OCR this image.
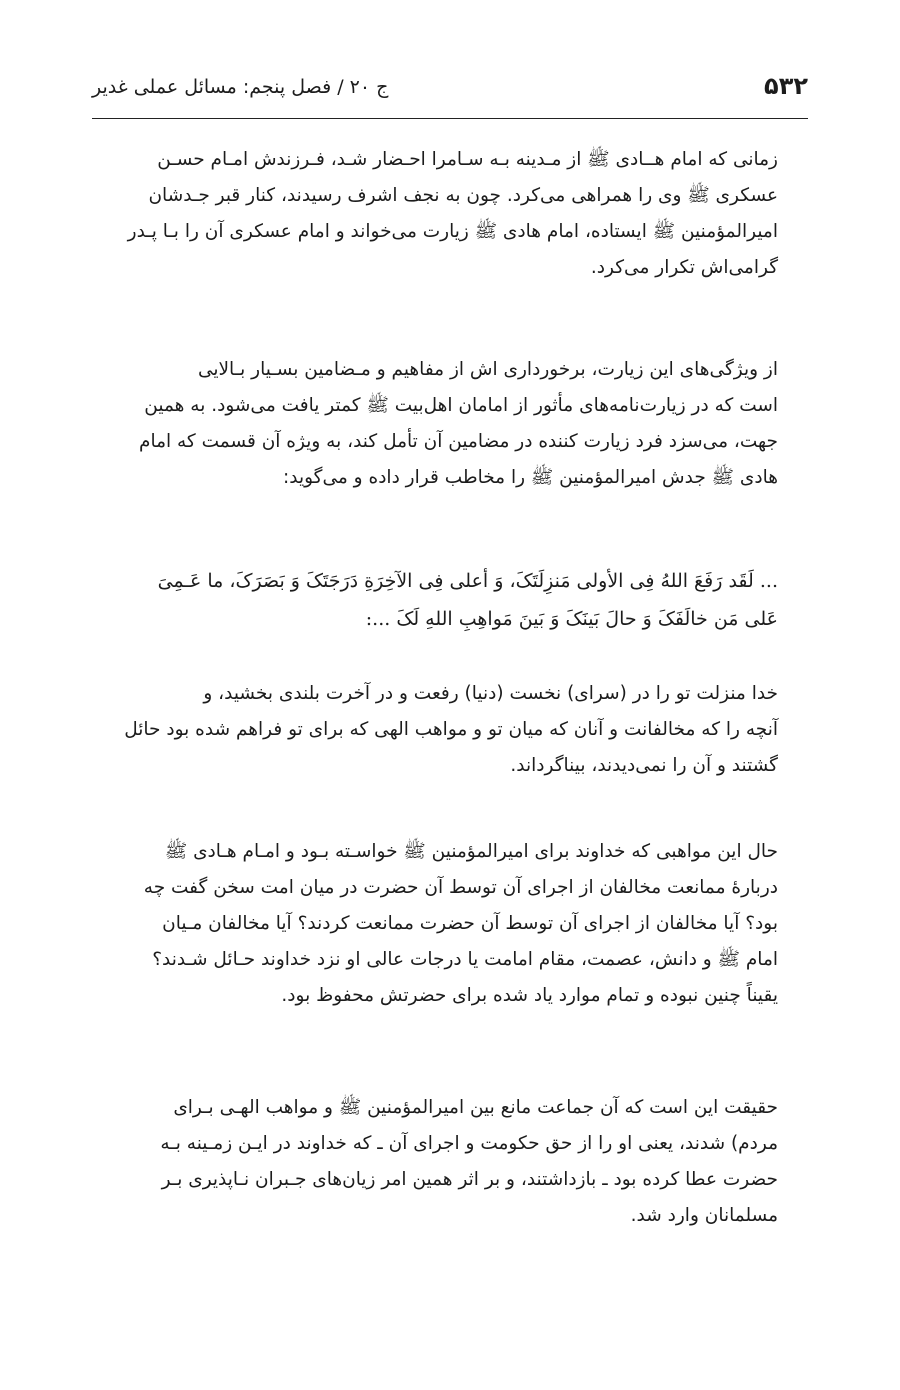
۵۳۲
ج ۲۰ / فصل پنجم: مسائل عملی غدیر
زمانی که امام هــادی ﷺ از مـدینه بـه سـامرا احـضار شـد، فـرزندش امـام حسـن
عسکری ﷺ وی را همراهی می‌کرد. چون به نجف اشرف رسیدند، کنار قبر جـدشان
امیرالمؤمنین ﷺ ایستاده، امام هادی ﷺ زیارت می‌خواند و امام عسکری آن را بـا پـدر
گرامی‌اش تکرار می‌کرد.
از ویژگی‌های این زیارت، برخورداری اش از مفاهیم و مـضامین بسـیار بـالایی
است که در زیارت‌نامه‌های مأثور از امامان اهل‌بیت ﷺ کمتر یافت می‌شود. به همین
جهت، می‌سزد فرد زیارت کننده در مضامین آن تأمل کند، به ویژه آن قسمت که امام
هادی ﷺ جدش امیرالمؤمنین ﷺ را مخاطب قرار داده و می‌گوید:
... لَقَد رَفَعَ اللهُ فِی الأولی مَنزِلَتَکَ، وَ أعلی فِی الآخِرَةِ دَرَجَتَکَ وَ بَصَرَکَ، ما عَـمِیَ
عَلی مَن خالَفَکَ وَ حالَ بَینَکَ وَ بَینَ مَواهِبِ اللهِ لَکَ ...:
خدا منزلت تو را در (سرای) نخست (دنیا) رفعت و در آخرت بلندی بخشید، و
آنچه را که مخالفانت و آنان که میان تو و مواهب الهی که برای تو فراهم شده بود حائل
گشتند و آن را نمی‌دیدند، بیناگرداند.
حال این مواهبی که خداوند برای امیرالمؤمنین ﷺ خواسـته بـود و امـام هـادی ﷺ
دربارهٔ ممانعت مخالفان از اجرای آن توسط آن حضرت در میان امت سخن گفت چه
بود؟ آیا مخالفان از اجرای آن توسط آن حضرت ممانعت کردند؟ آیا مخالفان مـیان
امام ﷺ و دانش، عصمت، مقام امامت یا درجات عالی او نزد خداوند حـائل شـدند؟
یقیناً چنین نبوده و تمام موارد یاد شده برای حضرتش محفوظ بود.
حقیقت این است که آن جماعت مانع بین امیرالمؤمنین ﷺ و مواهب الهـی بـرای
مردم) شدند، یعنی او را از حق حکومت و اجرای آن ـ که خداوند در ایـن زمـینه بـه
حضرت عطا کرده بود ـ بازداشتند، و بر اثر همین امر زیان‌های جـبران نـاپذیری بـر
مسلمانان وارد شد.
